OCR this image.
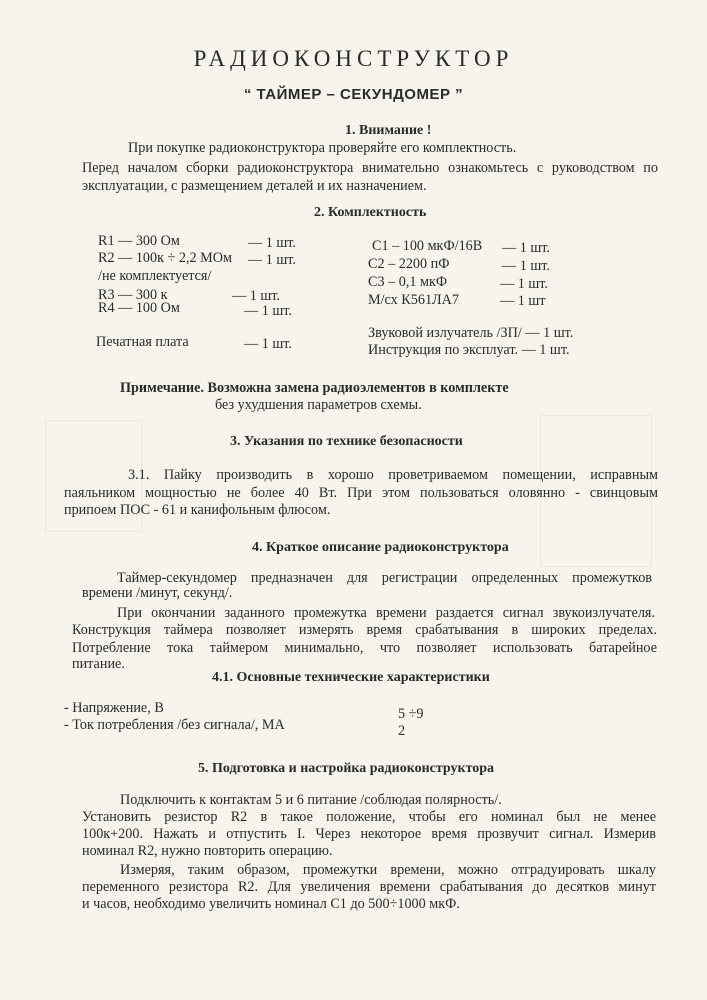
РАДИОКОНСТРУКТОР
“ ТАЙМЕР – СЕКУНДОМЕР ”
1. Внимание !
При покупке радиоконструктора проверяйте его комплектность.
Перед началом сборки радиоконструктора внимательно ознакомьтесь с руководством по
эксплуатации, с размещением деталей и их назначением.
2. Комплектность
R1 — 300 Ом	— 1 шт.
R2 — 100к ÷ 2,2 МОм — 1 шт.
/не комплектуется/
R3 — 300 к	— 1 шт.
R4 — 100 Ом	— 1 шт.
C1 – 100 мкФ/16В — 1 шт.
C2 – 2200 пФ	— 1 шт.
C3 – 0,1 мкФ	— 1 шт.
М/сх К561ЛА7	— 1 шт
Печатная плата	— 1 шт.
Звуковой излучатель /ЗП/ — 1 шт.
Инструкция по эксплуат. — 1 шт.
Примечание. Возможна замена радиоэлементов в комплекте
без ухудшения параметров схемы.
3. Указания по технике безопасности
3.1. Пайку производить в хорошо проветриваемом помещении, исправным
паяльником мощностью не более 40 Вт. При этом пользоваться оловянно - свинцовым
припоем ПОС - 61 и канифольным флюсом.
4. Краткое описание радиоконструктора
Таймер-секундомер предназначен для регистрации определенных промежутков
времени /минут, секунд/.
При окончании заданного промежутка времени раздается сигнал звукоизлучателя.
Конструкция таймера позволяет измерять время срабатывания в широких пределах.
Потребление тока таймером минимально, что позволяет использовать батарейное
питание.
4.1. Основные технические характеристики
- Напряжение, В	5 ÷9
- Ток потребления /без сигнала/, МА	2
5. Подготовка и настройка радиоконструктора
Подключить к контактам 5 и 6 питание /соблюдая полярность/.
Установить резистор R2 в такое положение, чтобы его номинал был не менее
100к+200. Нажать и отпустить I. Через некоторое время прозвучит сигнал. Измерив
номинал R2, нужно повторить операцию.
Измеряя, таким образом, промежутки времени, можно отградуировать шкалу
переменного резистора R2. Для увеличения времени срабатывания до десятков минут
и часов, необходимо увеличить номинал C1 до 500÷1000 мкФ.
